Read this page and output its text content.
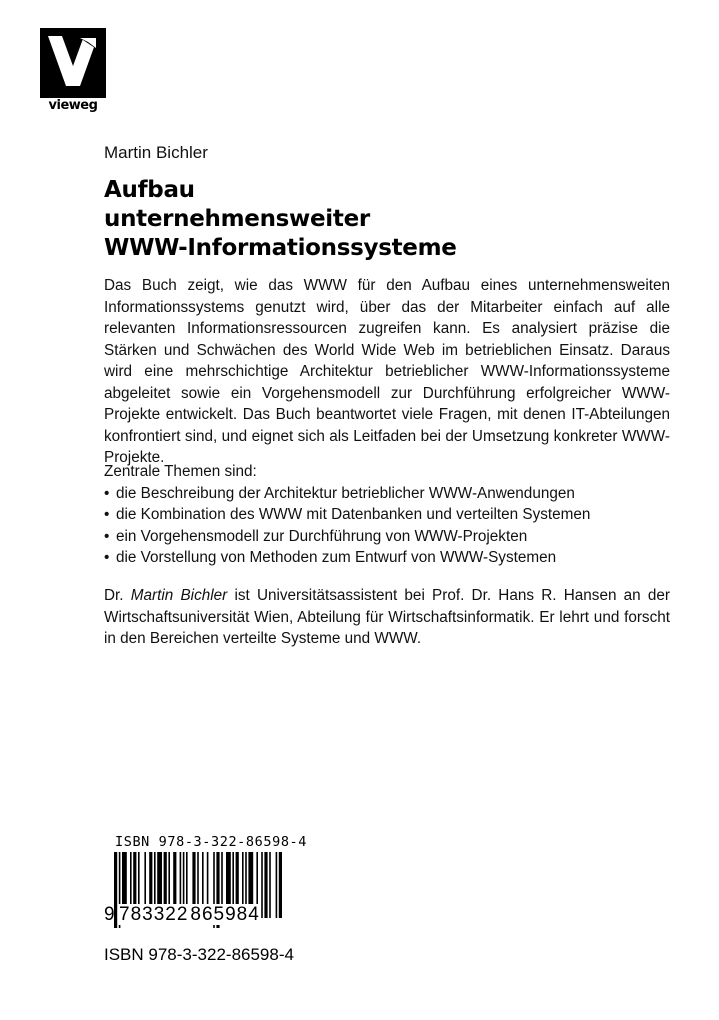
vieweg
Martin Bichler
Aufbau
unternehmensweiter
WWW-Informationssysteme
Das Buch zeigt, wie das WWW für den Aufbau eines unternehmensweiten Informationssystems genutzt wird, über das der Mitarbeiter einfach auf alle relevanten Informationsressourcen zugreifen kann. Es analysiert präzise die Stärken und Schwächen des World Wide Web im betrieblichen Einsatz. Daraus wird eine mehrschichtige Architektur betrieblicher WWW-Informationssysteme abgeleitet sowie ein Vorgehensmodell zur Durchführung erfolgreicher WWW-Projekte entwickelt. Das Buch beantwortet viele Fragen, mit denen IT-Abteilungen konfrontiert sind, und eignet sich als Leitfaden bei der Umsetzung konkreter WWW-Projekte.
Zentrale Themen sind:
• die Beschreibung der Architektur betrieblicher WWW-Anwendungen
• die Kombination des WWW mit Datenbanken und verteilten Systemen
• ein Vorgehensmodell zur Durchführung von WWW-Projekten
• die Vorstellung von Methoden zum Entwurf von WWW-Systemen
Dr. Martin Bichler ist Universitätsassistent bei Prof. Dr. Hans R. Hansen an der Wirtschaftsuniversität Wien, Abteilung für Wirtschaftsinformatik. Er lehrt und forscht in den Bereichen verteilte Systeme und WWW.
ISBN 978-3-322-86598-4
9 783322 865984
ISBN 978-3-322-86598-4
